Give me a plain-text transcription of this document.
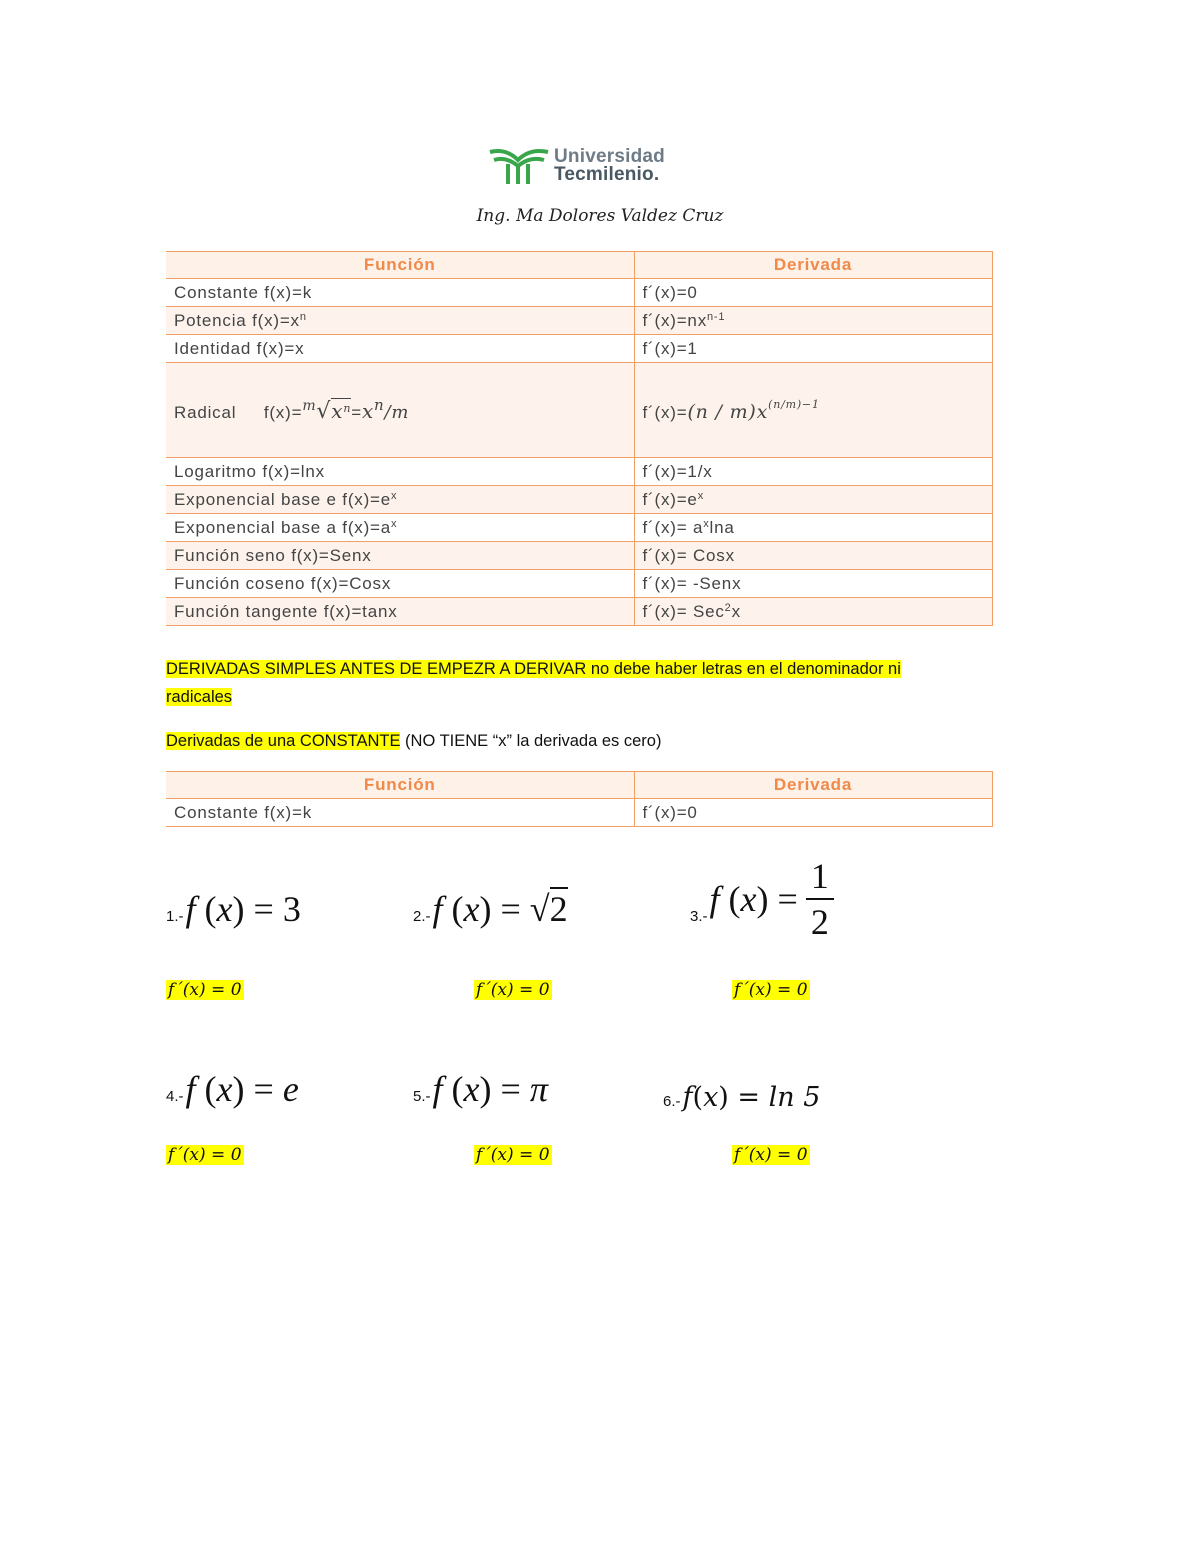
Universidad
Tecmilenio.
Ing. Ma Dolores Valdez Cruz
Función	Derivada
Constante f(x)=k	f´(x)=0
Potencia $f(x)=x^n$	$f´(x)=nx^{n-1}$
Identidad f(x)=x	f´(x)=1
Radical $f(x)=^m√x^n=xn/m$	f´(x)=(n / $m)x^{(n/m)-1}$
Logaritmo f(x)=lnx	f´(x)=1/x
Exponencial base e $f(x)=e^x$	$f´(x)=e^x$
Exponencial base a $f(x)=a^x$	f´(x)= $a^x\ln a$
Función seno f(x)=Senx	f´(x)= Cosx
Función coseno f(x)=Cosx	f´(x)= -Senx
Función tangente f(x)=tanx	f´(x)= Sec$^2$x
DERIVADAS SIMPLES ANTES DE EMPEZR A DERIVAR no debe haber letras en el denominador ni
radicales
Derivadas de una CONSTANTE (NO TIENE “x” la derivada es cero)
Función	Derivada
Constante f(x)=k	f´(x)=0
1.- f (x) = 3	2.- f (x) = √2	3.- f (x) =
1
2
f´(x) = 0	f´(x) = 0	f´(x) = 0
4.- f (x) = e	5.- f (x) = π	6.- f(x) = ln 5
f´(x) = 0	f´(x) = 0	f´(x) = 0
